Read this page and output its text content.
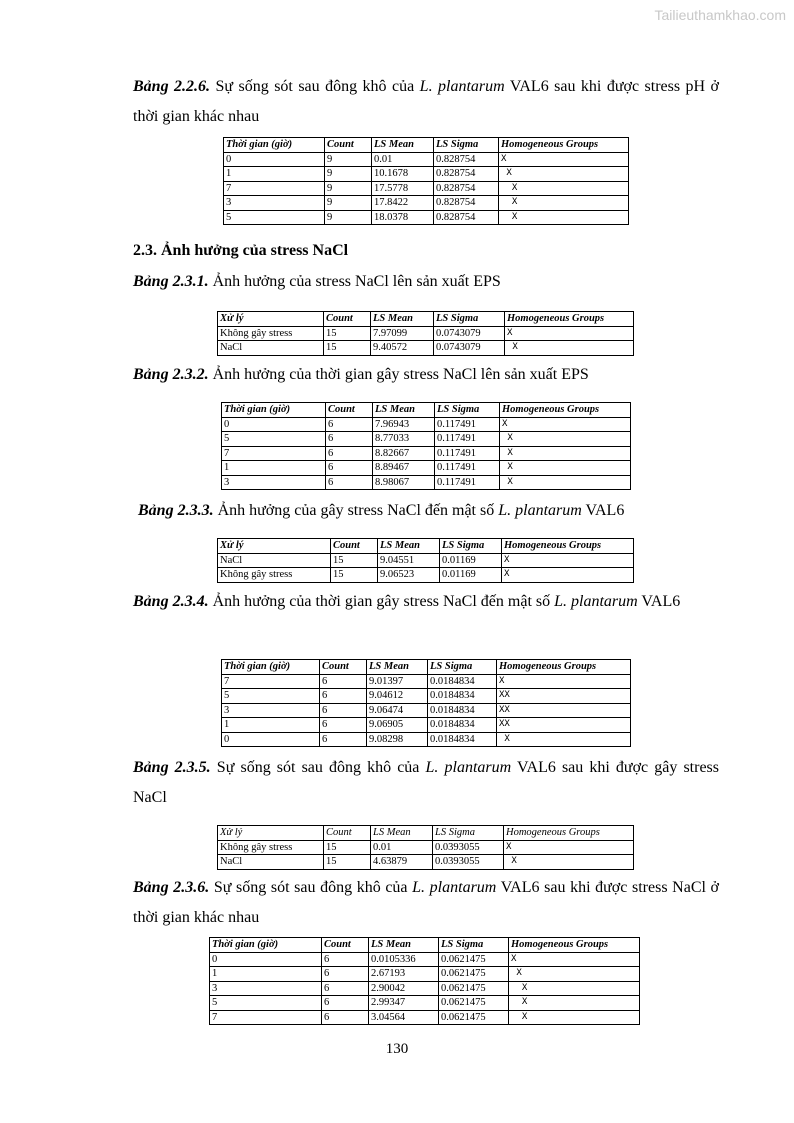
Tailieuthamkhao.com

Bảng 2.2.6. Sự sống sót sau đông khô của L. plantarum VAL6 sau khi được stress pH ở thời gian khác nhau

Thời gian (giờ)	Count	LS Mean	LS Sigma	Homogeneous Groups
0	9	0.01	0.828754	X
1	9	10.1678	0.828754	X
7	9	17.5778	0.828754	X
3	9	17.8422	0.828754	X
5	9	18.0378	0.828754	X
2.3. Ảnh hưởng của stress NaCl

Bảng 2.3.1. Ảnh hưởng của stress NaCl lên sản xuất EPS

Xử lý	Count	LS Mean	LS Sigma	Homogeneous Groups
Không gây stress	15	7.97099	0.0743079	X
NaCl	15	9.40572	0.0743079	X

Bảng 2.3.2. Ảnh hưởng của thời gian gây stress NaCl lên sản xuất EPS

Thời gian (giờ)	Count	LS Mean	LS Sigma	Homogeneous Groups
0	6	7.96943	0.117491	X
5	6	8.77033	0.117491	X
7	6	8.82667	0.117491	X
1	6	8.89467	0.117491	X
3	6	8.98067	0.117491	X

Bảng 2.3.3. Ảnh hưởng của gây stress NaCl đến mật số L. plantarum VAL6

Xử lý	Count	LS Mean	LS Sigma	Homogeneous Groups
NaCl	15	9.04551	0.01169	X
Không gây stress	15	9.06523	0.01169	X

Bảng 2.3.4. Ảnh hưởng của thời gian gây stress NaCl đến mật số L. plantarum VAL6

Thời gian (giờ)	Count	LS Mean	LS Sigma	Homogeneous Groups
7	6	9.01397	0.0184834	X
5	6	9.04612	0.0184834	XX
3	6	9.06474	0.0184834	XX
1	6	9.06905	0.0184834	XX
0	6	9.08298	0.0184834	X

Bảng 2.3.5. Sự sống sót sau đông khô của L. plantarum VAL6 sau khi được gây stress NaCl

Xử lý	Count	LS Mean	LS Sigma	Homogeneous Groups
Không gây stress	15	0.01	0.0393055	X
NaCl	15	4.63879	0.0393055	X

Bảng 2.3.6. Sự sống sót sau đông khô của L. plantarum VAL6 sau khi được stress NaCl ở thời gian khác nhau

Thời gian (giờ)	Count	LS Mean	LS Sigma	Homogeneous Groups
0	6	0.0105336	0.0621475	X
1	6	2.67193	0.0621475	X
3	6	2.90042	0.0621475	X
5	6	2.99347	0.0621475	X
7	6	3.04564	0.0621475	X
130
